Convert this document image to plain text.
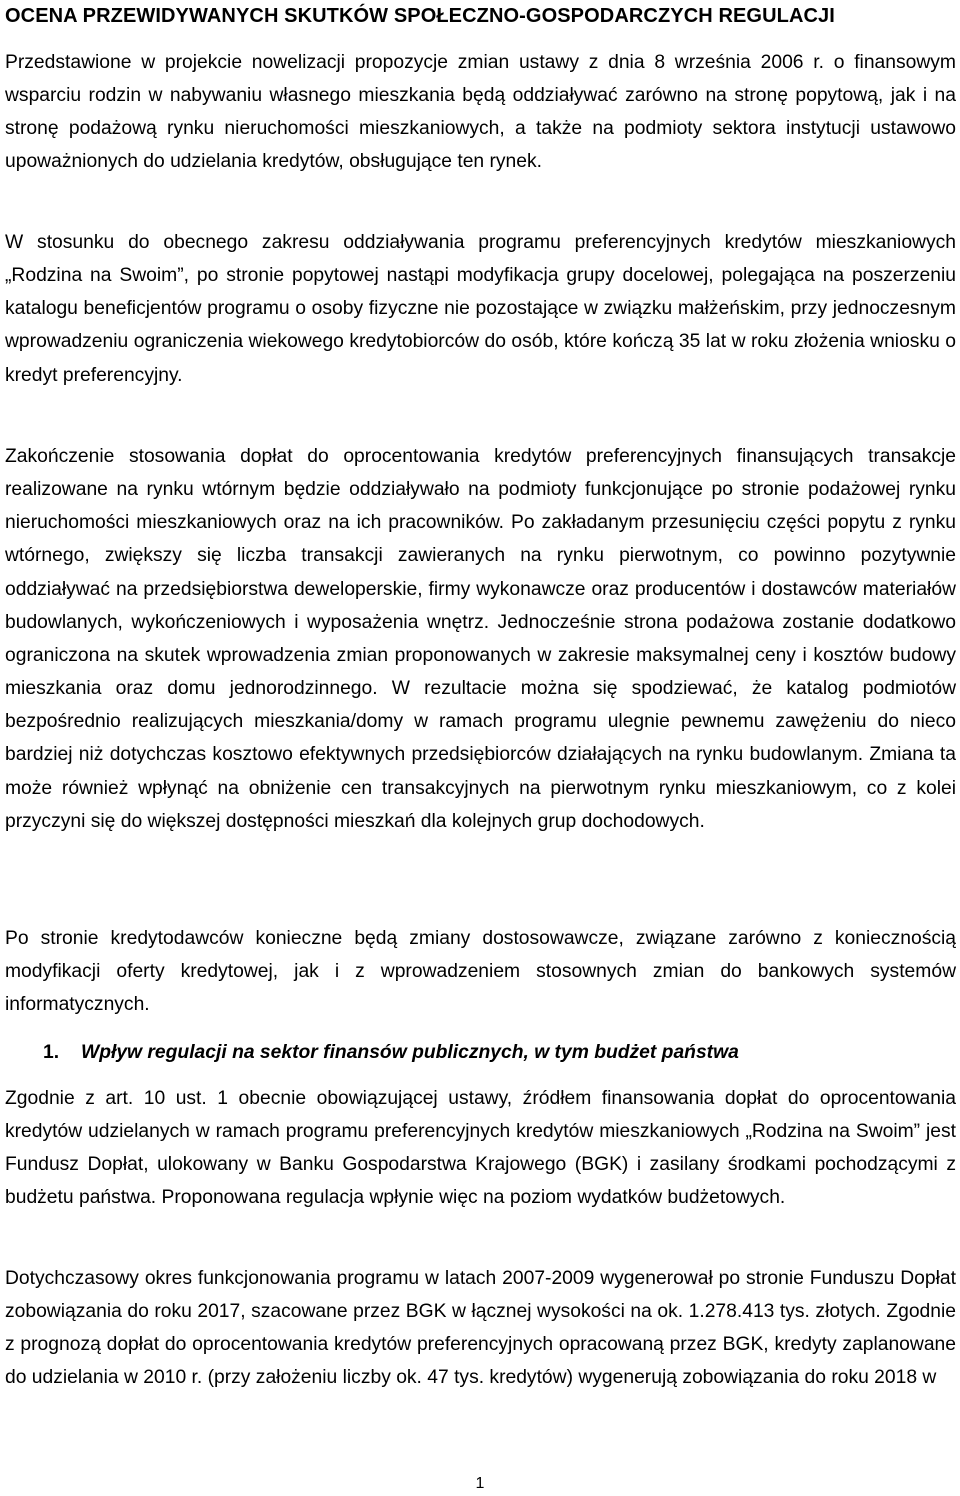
OCENA PRZEWIDYWANYCH SKUTKÓW SPOŁECZNO-GOSPODARCZYCH REGULACJI

Przedstawione w projekcie nowelizacji propozycje zmian ustawy z dnia 8 września 2006 r. o finansowym wsparciu rodzin w nabywaniu własnego mieszkania będą oddziaływać zarówno na stronę popytową, jak i na stronę podażową rynku nieruchomości mieszkaniowych, a także na podmioty sektora instytucji ustawowo upoważnionych do udzielania kredytów, obsługujące ten rynek.

W stosunku do obecnego zakresu oddziaływania programu preferencyjnych kredytów mieszkaniowych „Rodzina na Swoim”, po stronie popytowej nastąpi modyfikacja grupy docelowej, polegająca na poszerzeniu katalogu beneficjentów programu o osoby fizyczne nie pozostające w związku małżeńskim, przy jednoczesnym wprowadzeniu ograniczenia wiekowego kredytobiorców do osób, które kończą 35 lat w roku złożenia wniosku o kredyt preferencyjny.

Zakończenie stosowania dopłat do oprocentowania kredytów preferencyjnych finansujących transakcje realizowane na rynku wtórnym będzie oddziaływało na podmioty funkcjonujące po stronie podażowej rynku nieruchomości mieszkaniowych oraz na ich pracowników. Po zakładanym przesunięciu części popytu z rynku wtórnego, zwiększy się liczba transakcji zawieranych na rynku pierwotnym, co powinno pozytywnie oddziaływać na przedsiębiorstwa deweloperskie, firmy wykonawcze oraz producentów i dostawców materiałów budowlanych, wykończeniowych i wyposażenia wnętrz. Jednocześnie strona podażowa zostanie dodatkowo ograniczona na skutek wprowadzenia zmian proponowanych w zakresie maksymalnej ceny i kosztów budowy mieszkania oraz domu jednorodzinnego. W rezultacie można się spodziewać, że katalog podmiotów bezpośrednio realizujących mieszkania/domy w ramach programu ulegnie pewnemu zawężeniu do nieco bardziej niż dotychczas kosztowo efektywnych przedsiębiorców działających na rynku budowlanym. Zmiana ta może również wpłynąć na obniżenie cen transakcyjnych na pierwotnym rynku mieszkaniowym, co z kolei przyczyni się do większej dostępności mieszkań dla kolejnych grup dochodowych.

Po stronie kredytodawców konieczne będą zmiany dostosowawcze, związane zarówno z koniecznością modyfikacji oferty kredytowej, jak i z wprowadzeniem stosownych zmian do bankowych systemów informatycznych.

1. Wpływ regulacji na sektor finansów publicznych, w tym budżet państwa

Zgodnie z art. 10 ust. 1 obecnie obowiązującej ustawy, źródłem finansowania dopłat do oprocentowania kredytów udzielanych w ramach programu preferencyjnych kredytów mieszkaniowych „Rodzina na Swoim” jest Fundusz Dopłat, ulokowany w Banku Gospodarstwa Krajowego (BGK) i zasilany środkami pochodzącymi z budżetu państwa. Proponowana regulacja wpłynie więc na poziom wydatków budżetowych.

Dotychczasowy okres funkcjonowania programu w latach 2007-2009 wygenerował po stronie Funduszu Dopłat zobowiązania do roku 2017, szacowane przez BGK w łącznej wysokości na ok. 1.278.413 tys. złotych. Zgodnie z prognozą dopłat do oprocentowania kredytów preferencyjnych opracowaną przez BGK, kredyty zaplanowane do udzielania w 2010 r. (przy założeniu liczby ok. 47 tys. kredytów) wygenerują zobowiązania do roku 2018 w

1
